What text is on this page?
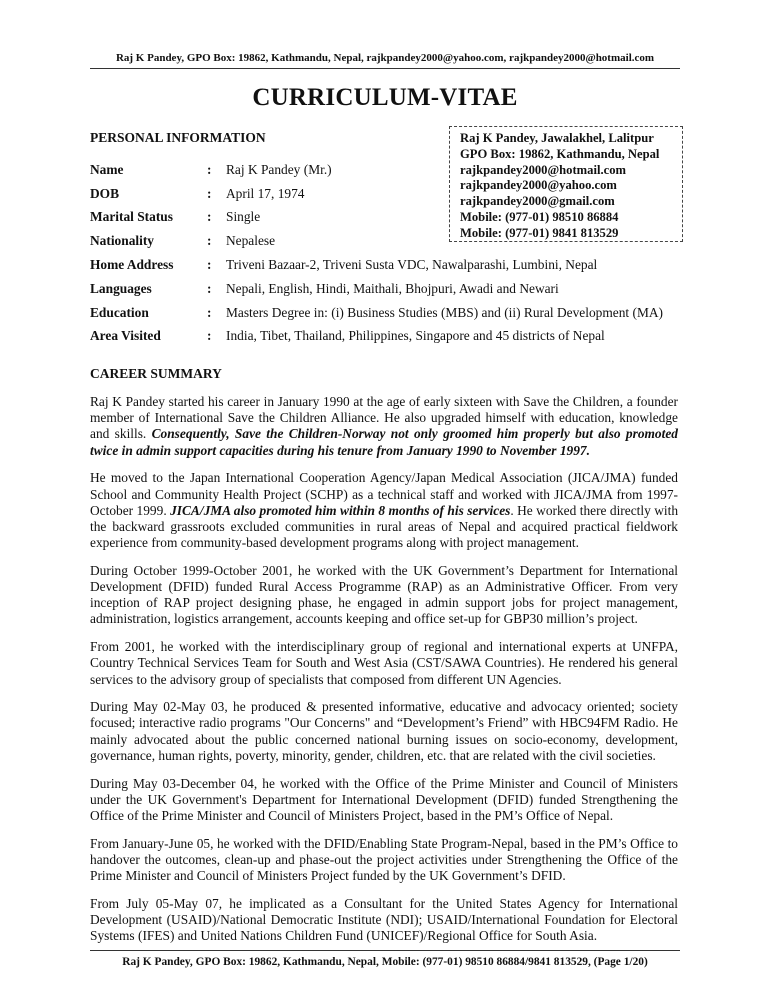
Raj K Pandey, GPO Box: 19862, Kathmandu, Nepal, rajkpandey2000@yahoo.com, rajkpandey2000@hotmail.com
CURRICULUM-VITAE
PERSONAL INFORMATION	Raj K Pandey, Jawalakhel, Lalitpur
GPO Box: 19862, Kathmandu, Nepal
rajkpandey2000@hotmail.com
rajkpandey2000@yahoo.com
rajkpandey2000@gmail.com
Mobile: (977-01) 98510 86884
Mobile: (977-01) 9841 813529
Name	:	Raj K Pandey (Mr.)
DOB	:	April 17, 1974
Marital Status	:	Single
Nationality	:	Nepalese
Home Address	:	Triveni Bazaar-2, Triveni Susta VDC, Nawalparashi, Lumbini, Nepal
Languages	:	Nepali, English, Hindi, Maithali, Bhojpuri, Awadi and Newari
Education	:	Masters Degree in: (i) Business Studies (MBS) and (ii) Rural Development (MA)
Area Visited	:	India, Tibet, Thailand, Philippines, Singapore and 45 districts of Nepal
CAREER SUMMARY

Raj K Pandey started his career in January 1990 at the age of early sixteen with Save the Children, a founder member of International Save the Children Alliance. He also upgraded himself with education, knowledge and skills. Consequently, Save the Children-Norway not only groomed him properly but also promoted twice in admin support capacities during his tenure from January 1990 to November 1997.

He moved to the Japan International Cooperation Agency/Japan Medical Association (JICA/JMA) funded School and Community Health Project (SCHP) as a technical staff and worked with JICA/JMA from 1997-October 1999. JICA/JMA also promoted him within 8 months of his services. He worked there directly with the backward grassroots excluded communities in rural areas of Nepal and acquired practical fieldwork experience from community-based development programs along with project management.

During October 1999-October 2001, he worked with the UK Government’s Department for International Development (DFID) funded Rural Access Programme (RAP) as an Administrative Officer. From very inception of RAP project designing phase, he engaged in admin support jobs for project management, administration, logistics arrangement, accounts keeping and office set-up for GBP30 million’s project.

From 2001, he worked with the interdisciplinary group of regional and international experts at UNFPA, Country Technical Services Team for South and West Asia (CST/SAWA Countries). He rendered his general services to the advisory group of specialists that composed from different UN Agencies.

During May 02-May 03, he produced & presented informative, educative and advocacy oriented; society focused; interactive radio programs "Our Concerns" and “Development’s Friend” with HBC94FM Radio. He mainly advocated about the public concerned national burning issues on socio-economy, development, governance, human rights, poverty, minority, gender, children, etc. that are related with the civil societies.

During May 03-December 04, he worked with the Office of the Prime Minister and Council of Ministers under the UK Government's Department for International Development (DFID) funded Strengthening the Office of the Prime Minister and Council of Ministers Project, based in the PM’s Office of Nepal.

From January-June 05, he worked with the DFID/Enabling State Program-Nepal, based in the PM’s Office to handover the outcomes, clean-up and phase-out the project activities under Strengthening the Office of the Prime Minister and Council of Ministers Project funded by the UK Government’s DFID.

From July 05-May 07, he implicated as a Consultant for the United States Agency for International Development (USAID)/National Democratic Institute (NDI); USAID/International Foundation for Electoral Systems (IFES) and United Nations Children Fund (UNICEF)/Regional Office for South Asia.

Raj K Pandey, GPO Box: 19862, Kathmandu, Nepal, Mobile: (977-01) 98510 86884/9841 813529, (Page 1/20)
